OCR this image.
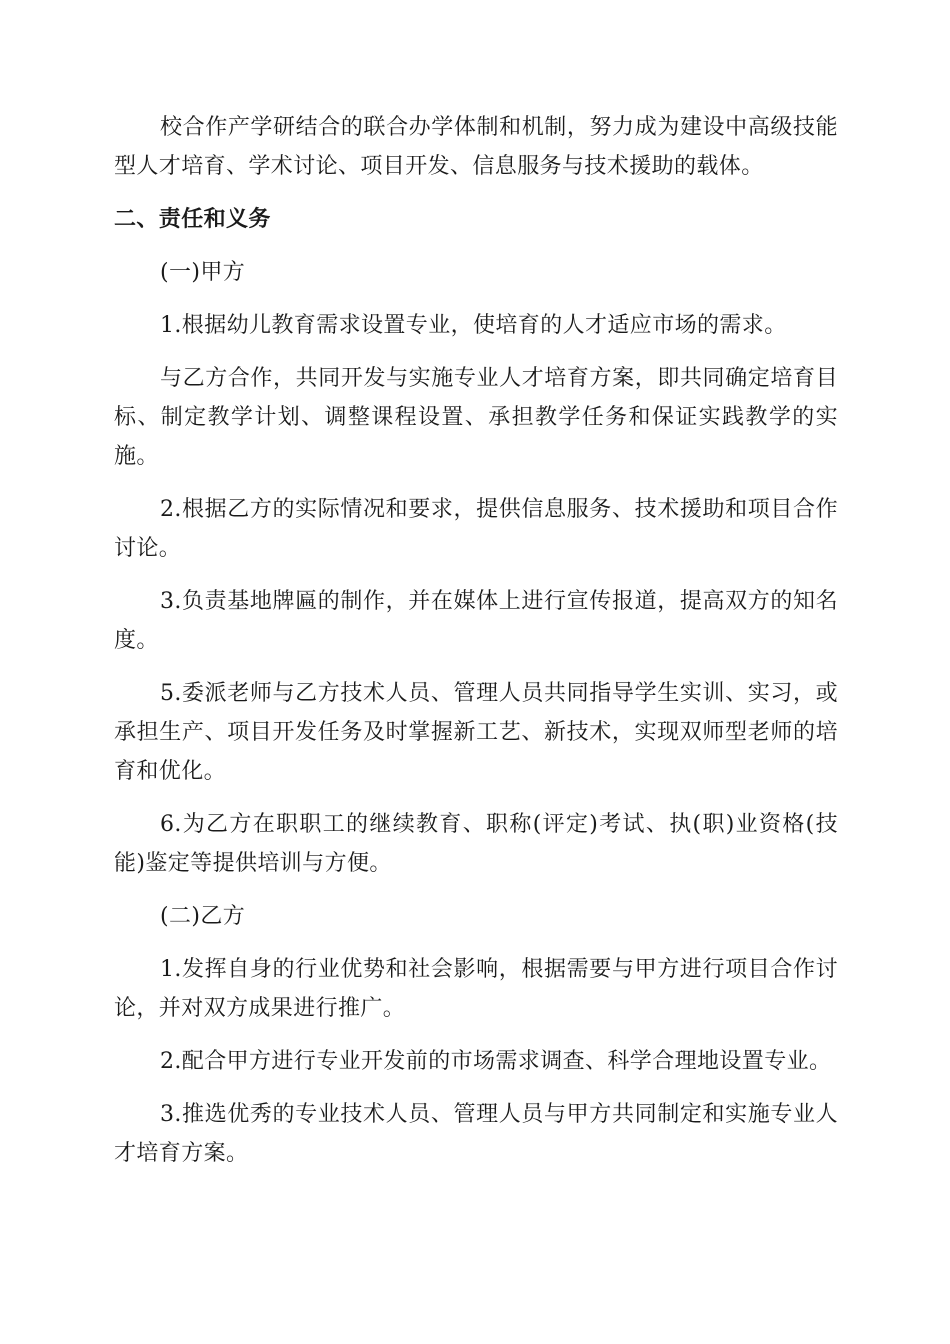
校合作产学研结合的联合办学体制和机制，努力成为建设中高级技能型人才培育、学术讨论、项目开发、信息服务与技术援助的载体。

二、责任和义务

(一)甲方

1.根据幼儿教育需求设置专业，使培育的人才适应市场的需求。

与乙方合作，共同开发与实施专业人才培育方案，即共同确定培育目标、制定教学计划、调整课程设置、承担教学任务和保证实践教学的实施。

2.根据乙方的实际情况和要求，提供信息服务、技术援助和项目合作讨论。

3.负责基地牌匾的制作，并在媒体上进行宣传报道，提高双方的知名度。

5.委派老师与乙方技术人员、管理人员共同指导学生实训、实习，或承担生产、项目开发任务及时掌握新工艺、新技术，实现双师型老师的培育和优化。

6.为乙方在职职工的继续教育、职称(评定)考试、执(职)业资格(技能)鉴定等提供培训与方便。

(二)乙方

1.发挥自身的行业优势和社会影响，根据需要与甲方进行项目合作讨论，并对双方成果进行推广。

2.配合甲方进行专业开发前的市场需求调查、科学合理地设置专业。

3.推选优秀的专业技术人员、管理人员与甲方共同制定和实施专业人才培育方案。
